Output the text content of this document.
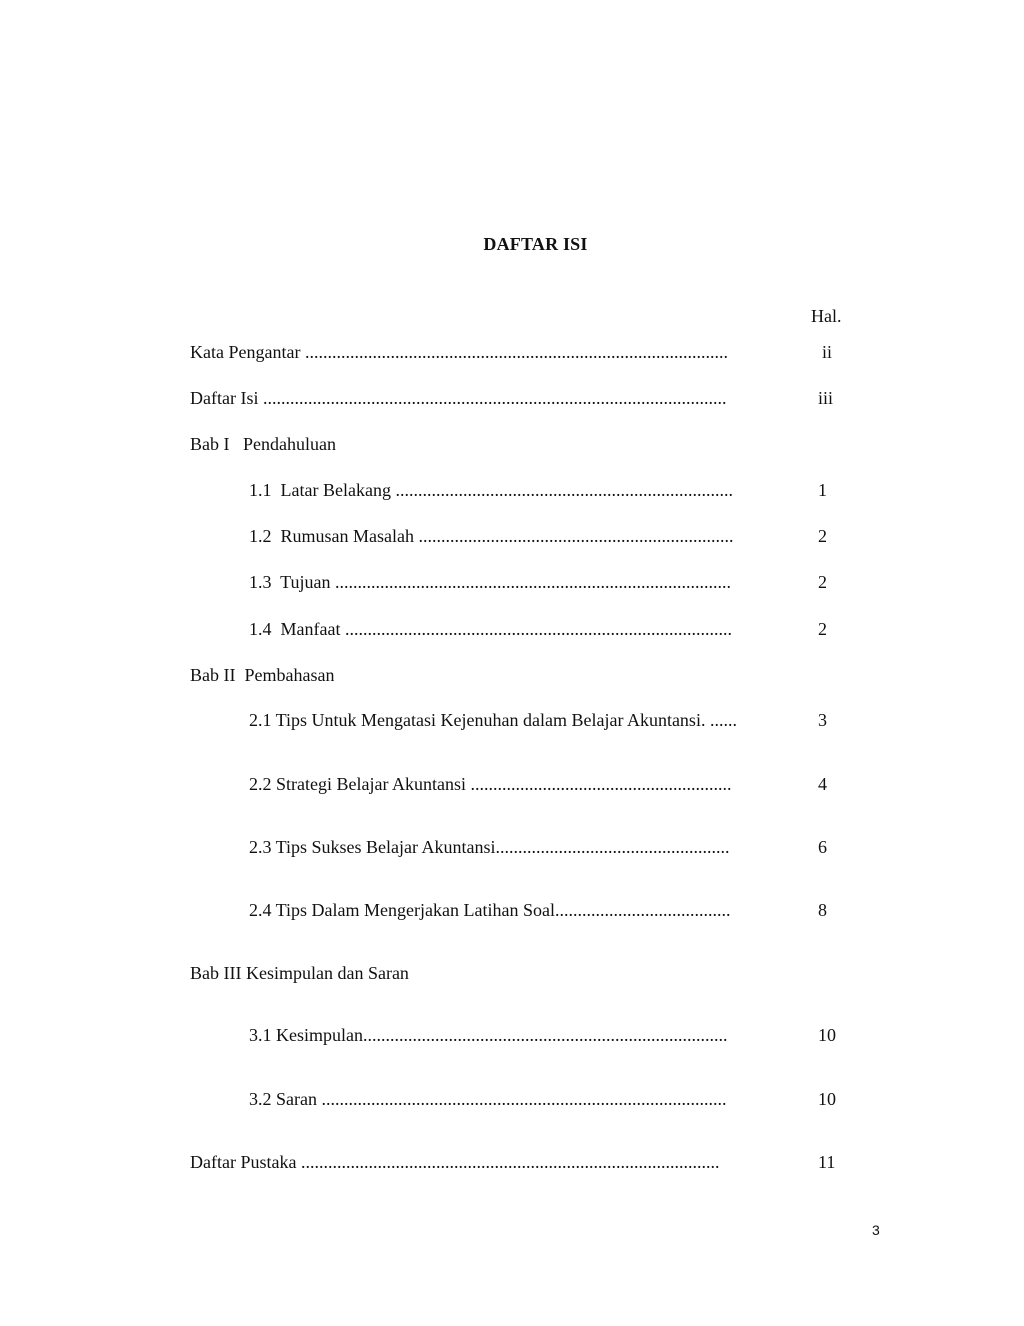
DAFTAR ISI
Hal.
Kata Pengantar ..............................................................................................	ii
Daftar Isi .......................................................................................................	iii
Bab I   Pendahuluan
1.1  Latar Belakang ...........................................................................	1
1.2  Rumusan Masalah ......................................................................	2
1.3  Tujuan ........................................................................................	2
1.4  Manfaat ......................................................................................	2
Bab II  Pembahasan
2.1 Tips Untuk Mengatasi Kejenuhan dalam Belajar Akuntansi. ......	3
2.2 Strategi Belajar Akuntansi ..........................................................	4
2.3 Tips Sukses Belajar Akuntansi....................................................	6
2.4 Tips Dalam Mengerjakan Latihan Soal.......................................	8
Bab III Kesimpulan dan Saran
3.1 Kesimpulan.................................................................................	10
3.2 Saran ..........................................................................................	10
Daftar Pustaka .............................................................................................	11
3
